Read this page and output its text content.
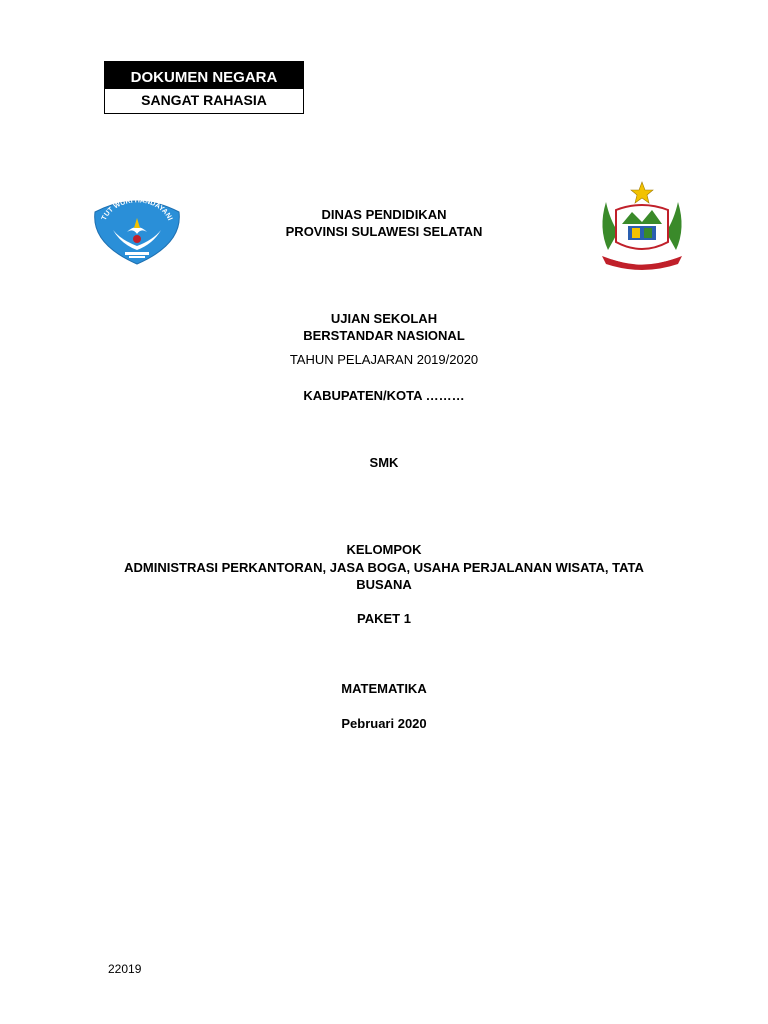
DOKUMEN NEGARA
SANGAT RAHASIA
TUT WURI HANDAYANI	DINAS PENDIDIKAN
PROVINSI SULAWESI SELATAN
UJIAN SEKOLAH
BERSTANDAR NASIONAL
TAHUN PELAJARAN 2019/2020
KABUPATEN/KOTA ………
SMK
KELOMPOK
ADMINISTRASI PERKANTORAN, JASA BOGA, USAHA PERJALANAN WISATA, TATA
BUSANA
PAKET 1
MATEMATIKA
Pebruari 2020
22019
